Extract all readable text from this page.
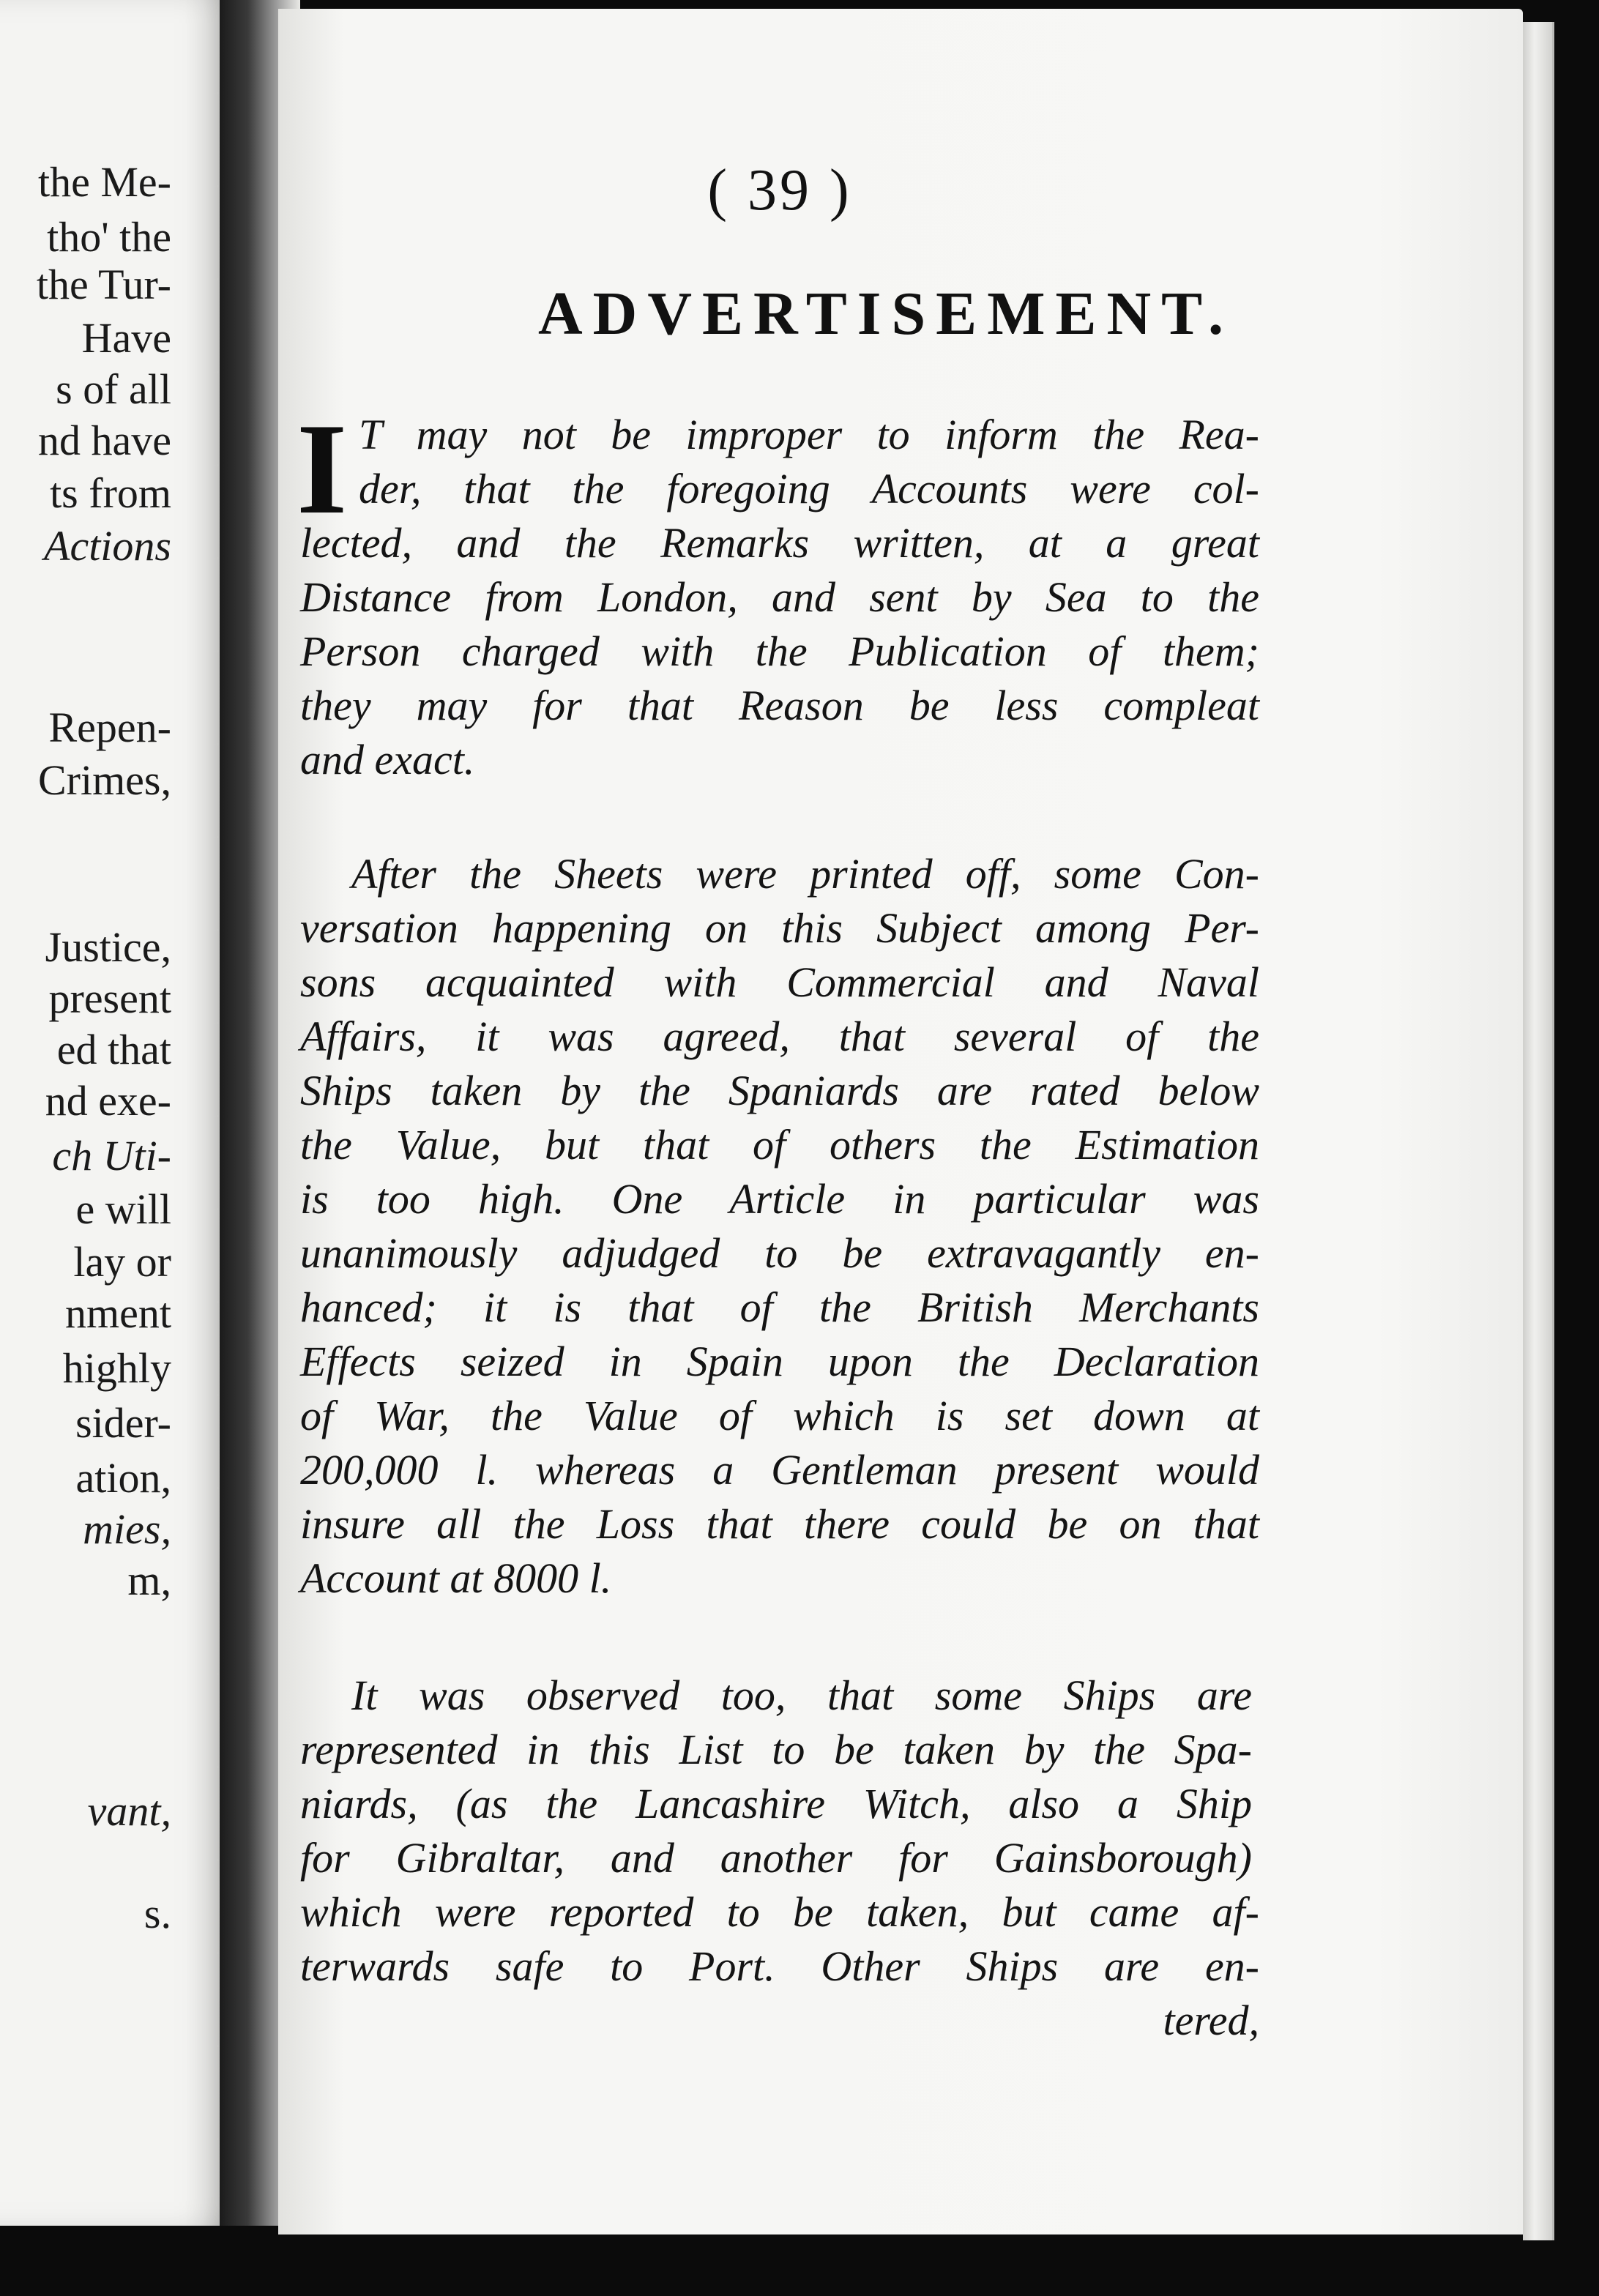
the Me-
tho' the
the Tur-
Have
s of all
nd have
ts from
Actions
Repen-
Crimes,
Justice,
present
ed that
nd exe-
ch Uti-
e will
lay or
nment
highly
sider-
ation,
mies,
m,
vant,
s.
( 39 )
ADVERTISEMENT.
I T may not be improper to inform the Rea-
der, that the foregoing Accounts were col-
lected, and the Remarks written, at a great
Distance from London, and sent by Sea to the
Person charged with the Publication of them;
they may for that Reason be less compleat
and exact.
After the Sheets were printed off, some Con-
versation happening on this Subject among Per-
sons acquainted with Commercial and Naval
Affairs, it was agreed, that several of the
Ships taken by the Spaniards are rated below
the Value, but that of others the Estimation
is too high. One Article in particular was
unanimously adjudged to be extravagantly en-
hanced; it is that of the British Merchants
Effects seized in Spain upon the Declaration
of War, the Value of which is set down at
200,000 l. whereas a Gentleman present would
insure all the Loss that there could be on that
Account at 8000 l.
It was observed too, that some Ships are
represented in this List to be taken by the Spa-
niards, (as the Lancashire Witch, also a Ship
for Gibraltar, and another for Gainsborough)
which were reported to be taken, but came af-
terwards safe to Port. Other Ships are en-
tered,
